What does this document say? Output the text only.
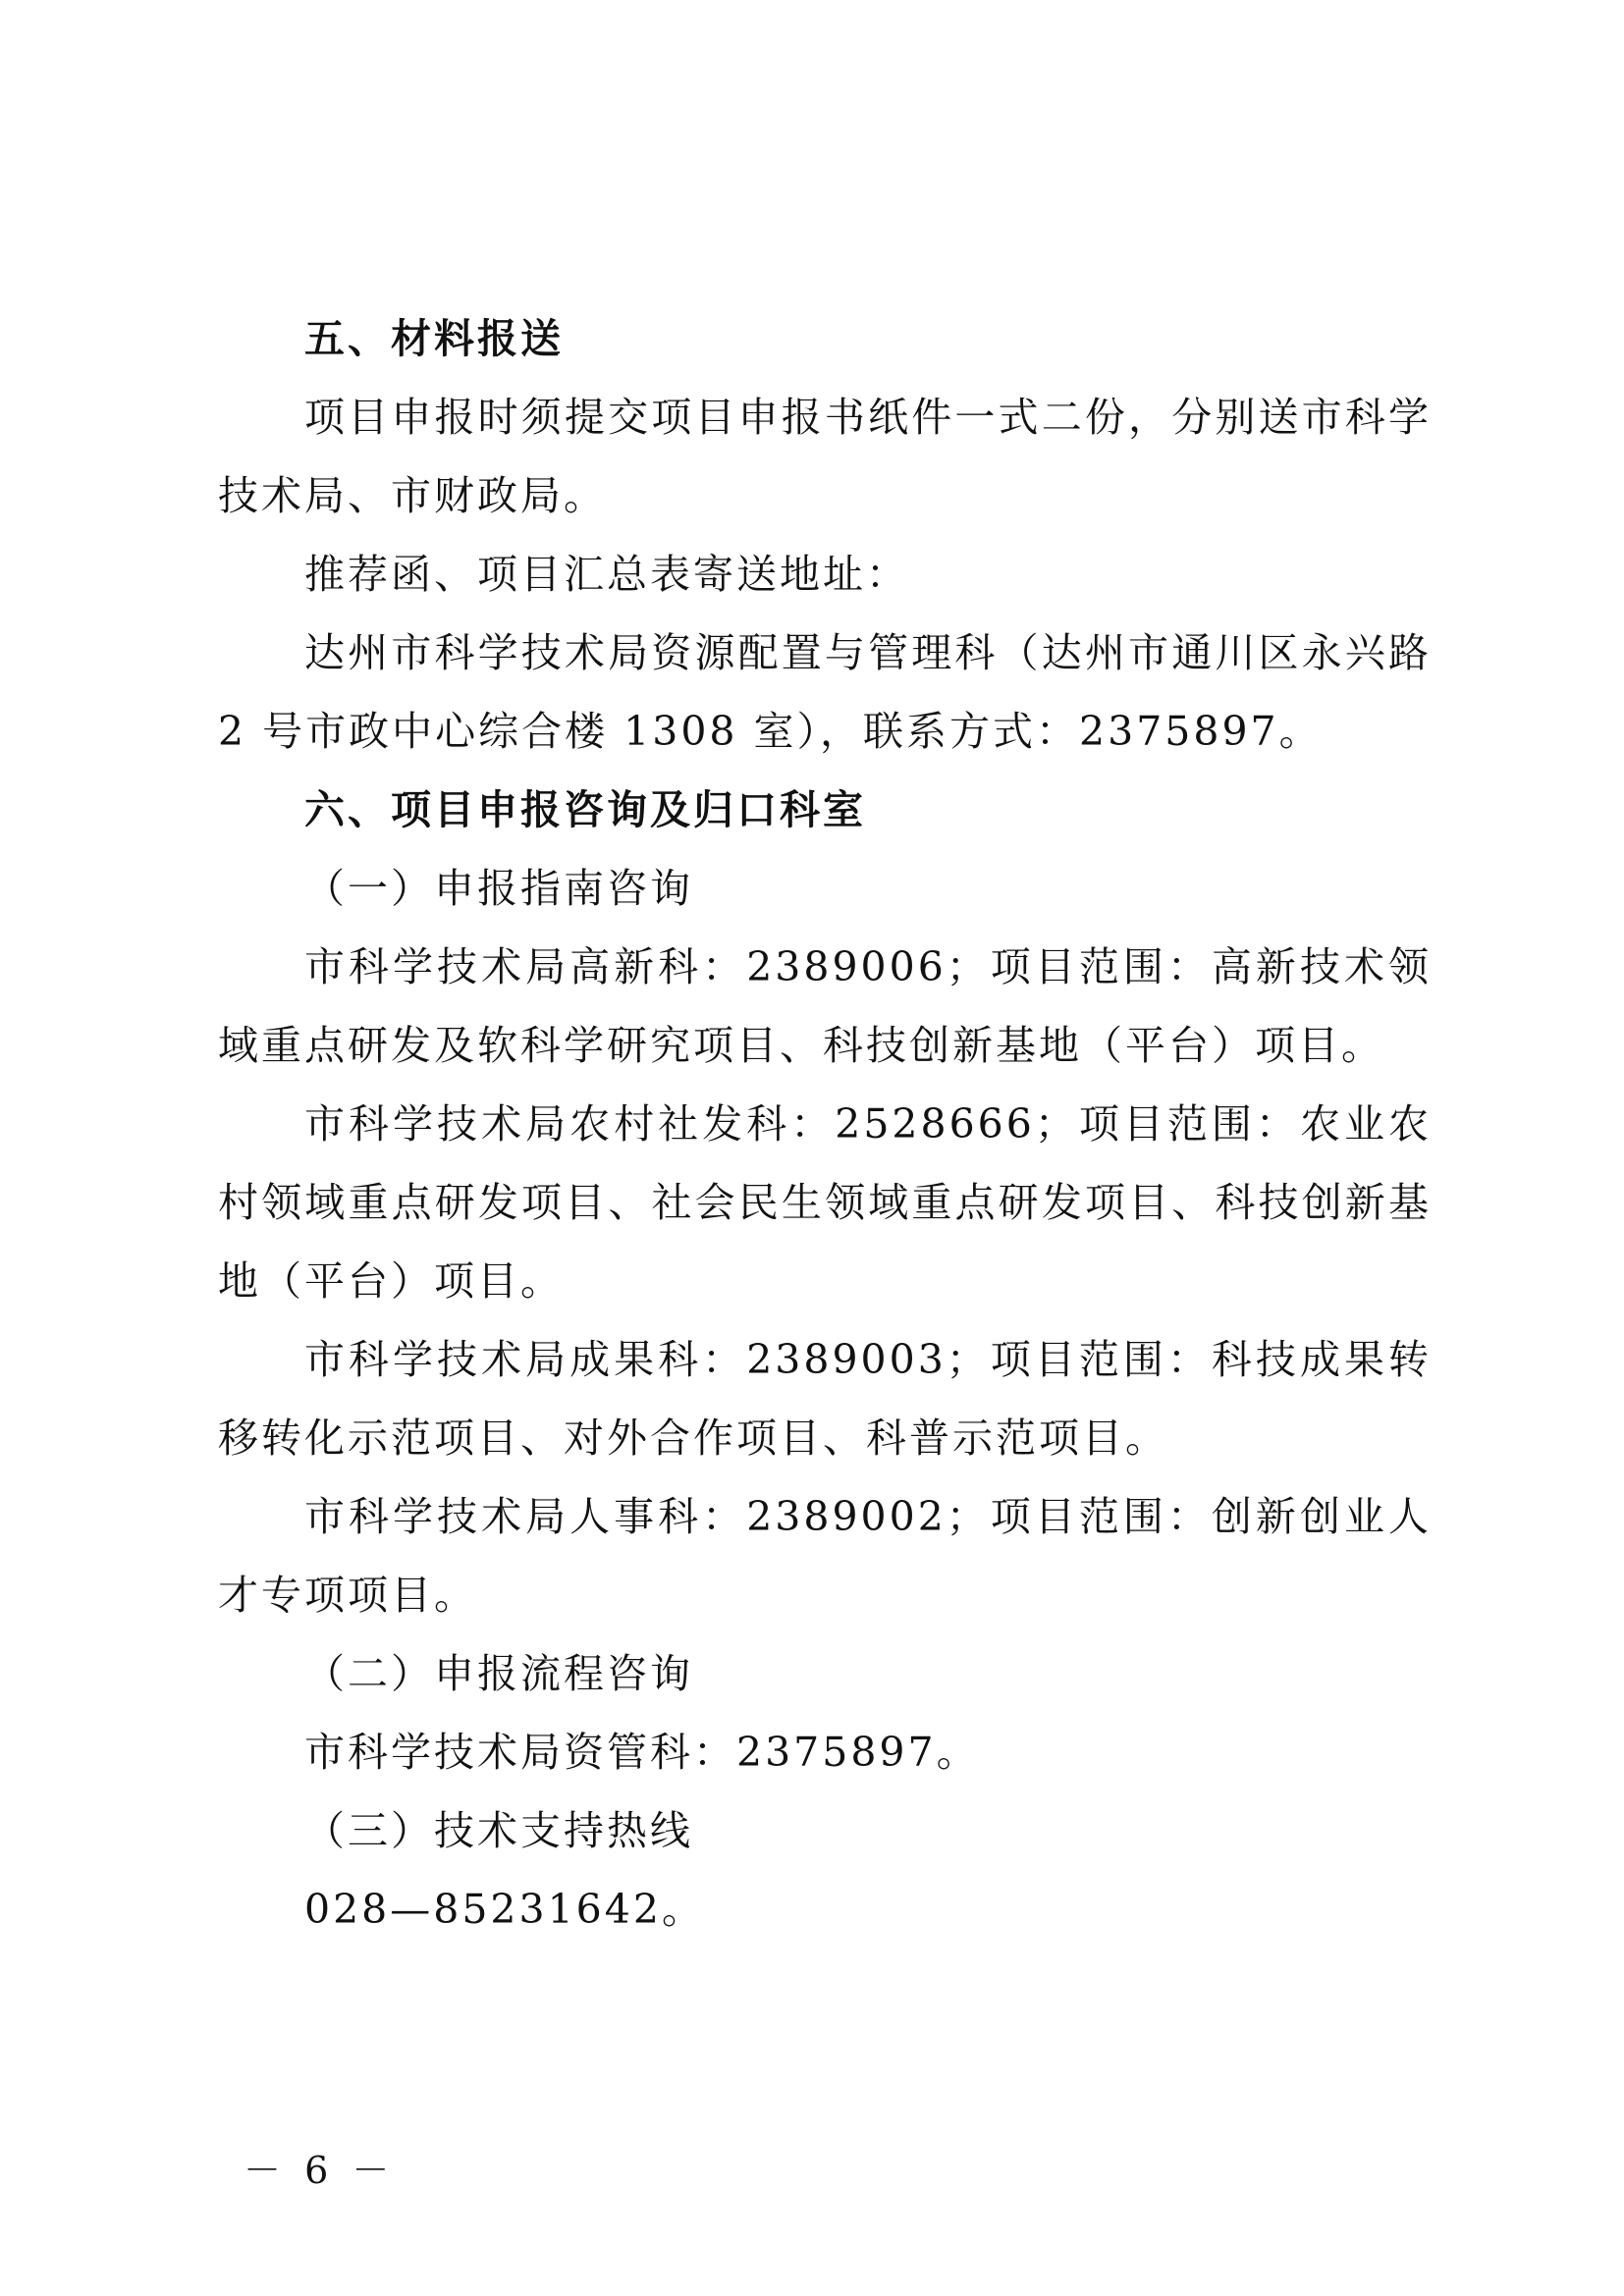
五、材料报送

项目申报时须提交项目申报书纸件一式二份，分别送市科学技术局、市财政局。

推荐函、项目汇总表寄送地址：

达州市科学技术局资源配置与管理科（达州市通川区永兴路2 号市政中心综合楼 1308 室），联系方式：2375897。

六、项目申报咨询及归口科室
（一）申报指南咨询

市科学技术局高新科：2389006；项目范围：高新技术领域重点研发及软科学研究项目、科技创新基地（平台）项目。

市科学技术局农村社发科：2528666；项目范围：农业农村领域重点研发项目、社会民生领域重点研发项目、科技创新基地（平台）项目。

市科学技术局成果科：2389003；项目范围：科技成果转移转化示范项目、对外合作项目、科普示范项目。

市科学技术局人事科：2389002；项目范围：创新创业人才专项项目。

（二）申报流程咨询

市科学技术局资管科：2375897。

（三）技术支持热线

028—85231642。

－ 6 －
